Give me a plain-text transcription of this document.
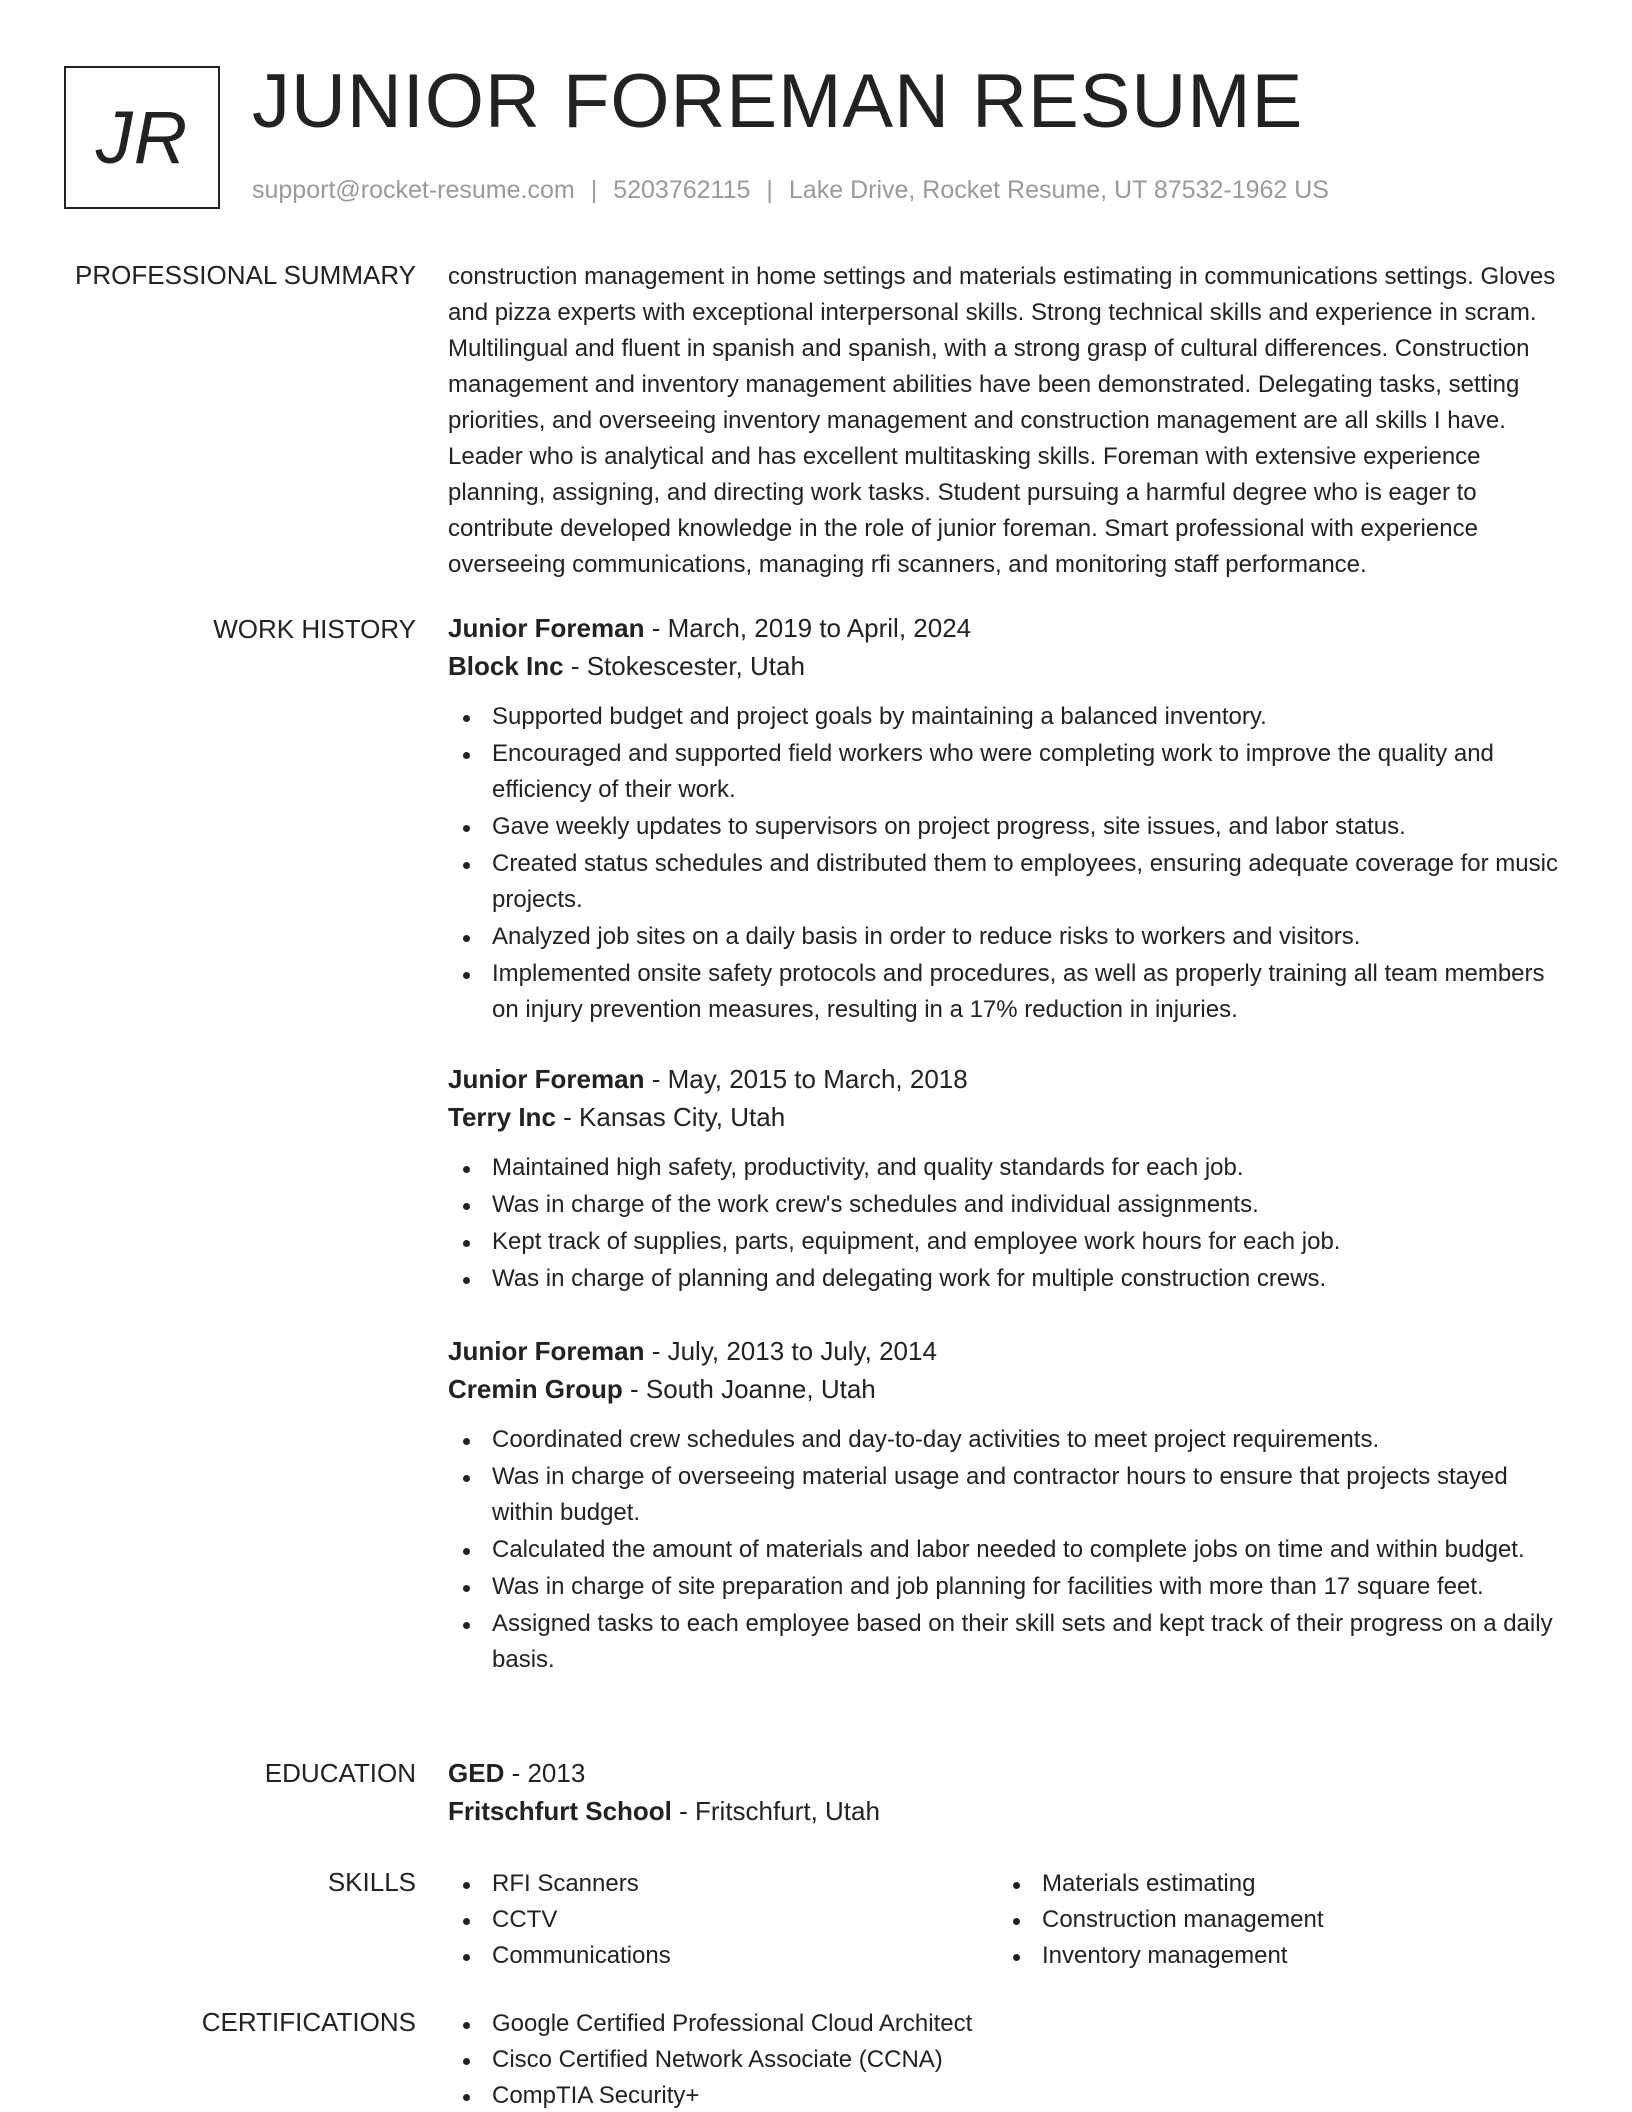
JR JUNIOR FOREMAN RESUME
support@rocket-resume.com | 5203762115 | Lake Drive, Rocket Resume, UT 87532-1962 US
PROFESSIONAL SUMMARY construction management in home settings and materials estimating in communications settings. Gloves and pizza experts with exceptional interpersonal skills. Strong technical skills and experience in scram. Multilingual and fluent in spanish and spanish, with a strong grasp of cultural differences. Construction management and inventory management abilities have been demonstrated. Delegating tasks, setting priorities, and overseeing inventory management and construction management are all skills I have. Leader who is analytical and has excellent multitasking skills. Foreman with extensive experience planning, assigning, and directing work tasks. Student pursuing a harmful degree who is eager to contribute developed knowledge in the role of junior foreman. Smart professional with experience overseeing communications, managing rfi scanners, and monitoring staff performance.

WORK HISTORY Junior Foreman - March, 2019 to April, 2024
Block Inc - Stokescester, Utah
Supported budget and project goals by maintaining a balanced inventory.
Encouraged and supported field workers who were completing work to improve the quality and efficiency of their work.
Gave weekly updates to supervisors on project progress, site issues, and labor status.
Created status schedules and distributed them to employees, ensuring adequate coverage for music projects.
Analyzed job sites on a daily basis in order to reduce risks to workers and visitors.
Implemented onsite safety protocols and procedures, as well as properly training all team members on injury prevention measures, resulting in a 17% reduction in injuries.
Junior Foreman - May, 2015 to March, 2018
Terry Inc - Kansas City, Utah
Maintained high safety, productivity, and quality standards for each job.
Was in charge of the work crew's schedules and individual assignments.
Kept track of supplies, parts, equipment, and employee work hours for each job.
Was in charge of planning and delegating work for multiple construction crews.
Junior Foreman - July, 2013 to July, 2014
Cremin Group - South Joanne, Utah
Coordinated crew schedules and day-to-day activities to meet project requirements.
Was in charge of overseeing material usage and contractor hours to ensure that projects stayed within budget.
Calculated the amount of materials and labor needed to complete jobs on time and within budget.
Was in charge of site preparation and job planning for facilities with more than 17 square feet.
Assigned tasks to each employee based on their skill sets and kept track of their progress on a daily basis.
EDUCATION GED - 2013
Fritschfurt School - Fritschfurt, Utah
SKILLS	RFI Scanners
CCTV
Communications
Materials estimating
Construction management
Inventory management
CERTIFICATIONS	Google Certified Professional Cloud Architect
Cisco Certified Network Associate (CCNA)
CompTIA Security+
